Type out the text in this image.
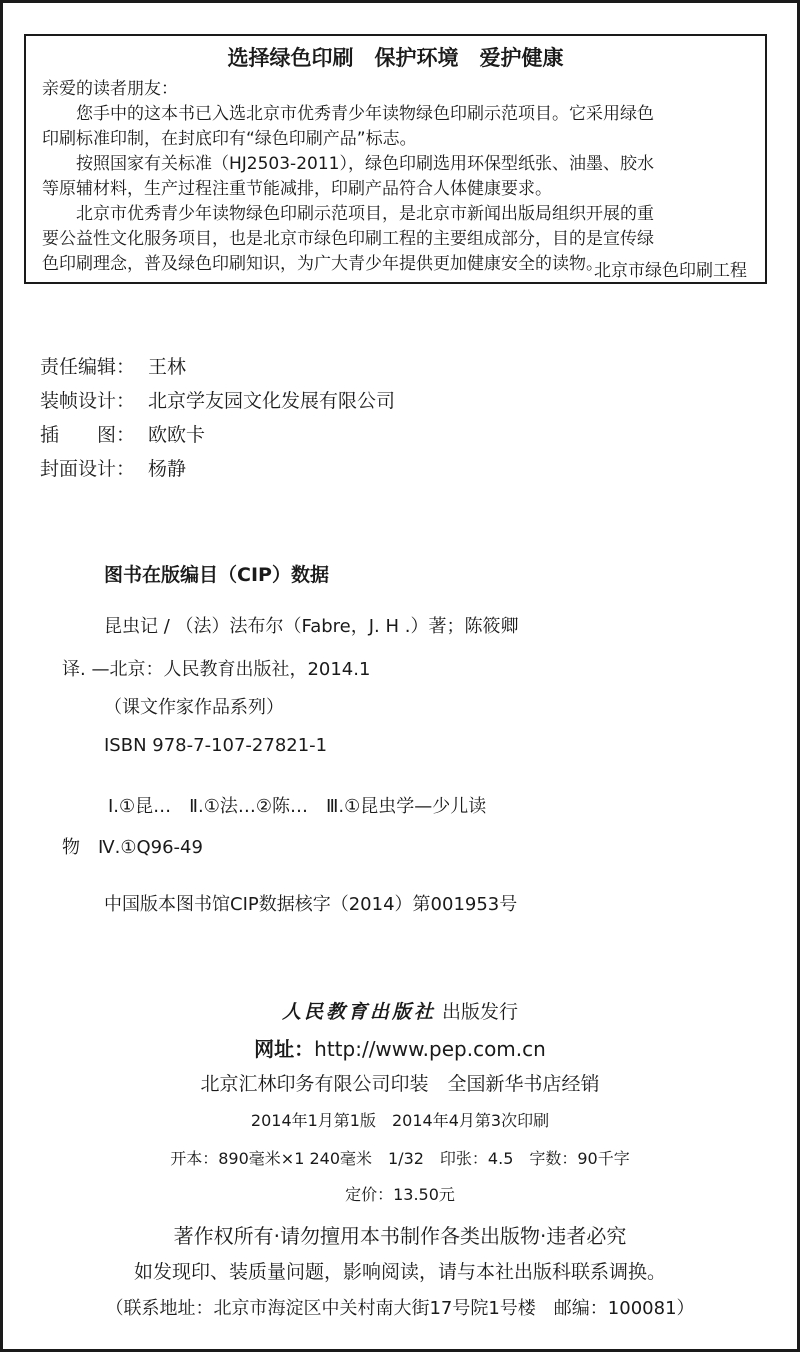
选择绿色印刷　保护环境　爱护健康
亲爱的读者朋友：
　　您手中的这本书已入选北京市优秀青少年读物绿色印刷示范项目。它采用绿色
印刷标准印制，在封底印有“绿色印刷产品”标志。
　　按照国家有关标准（HJ2503-2011），绿色印刷选用环保型纸张、油墨、胶水
等原辅材料，生产过程注重节能减排，印刷产品符合人体健康要求。
　　北京市优秀青少年读物绿色印刷示范项目，是北京市新闻出版局组织开展的重
要公益性文化服务项目，也是北京市绿色印刷工程的主要组成部分，目的是宣传绿
色印刷理念，普及绿色印刷知识，为广大青少年提供更加健康安全的读物。
北京市绿色印刷工程
责任编辑： 王林
装帧设计： 北京学友园文化发展有限公司
插　　图： 欧欧卡
封面设计： 杨静
图书在版编目（CIP）数据
昆虫记 / （法）法布尔（Fabre，J. H .）著；陈筱卿
译. —北京：人民教育出版社，2014.1
（课文作家作品系列）
ISBN 978-7-107-27821-1
Ⅰ.①昆…　Ⅱ.①法…②陈…　Ⅲ.①昆虫学—少儿读
物　Ⅳ.①Q96-49
中国版本图书馆CIP数据核字（2014）第001953号
人民教育出版社 出版发行
网址：http://www.pep.com.cn
北京汇林印务有限公司印装　全国新华书店经销
2014年1月第1版　2014年4月第3次印刷
开本：890毫米×1 240毫米　1/32　印张：4.5　字数：90千字
定价：13.50元
著作权所有·请勿擅用本书制作各类出版物·违者必究
如发现印、装质量问题，影响阅读，请与本社出版科联系调换。
（联系地址：北京市海淀区中关村南大街17号院1号楼　邮编：100081）
